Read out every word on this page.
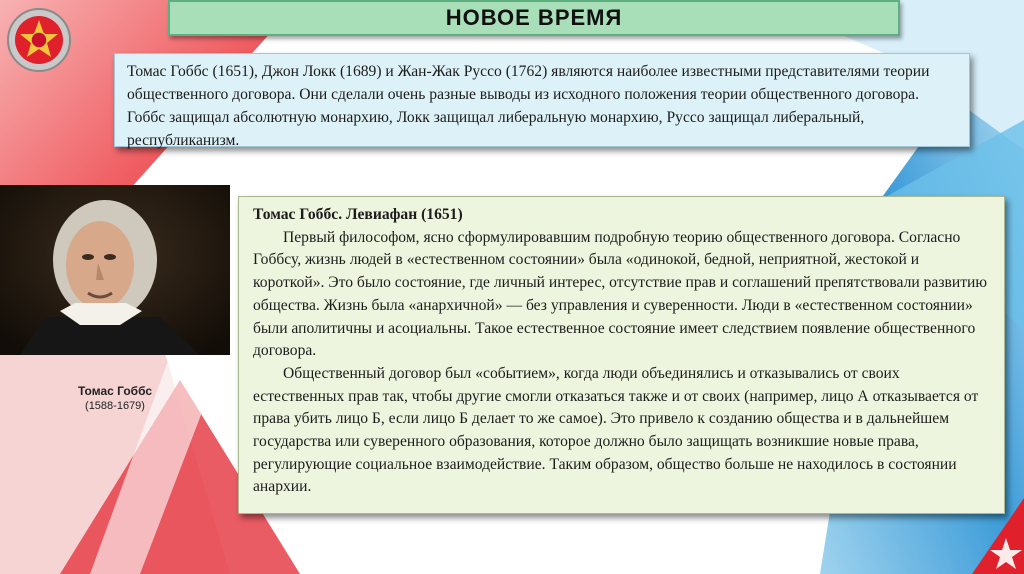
НОВОЕ ВРЕМЯ
Томас Гоббс (1651), Джон Локк (1689) и Жан-Жак Руссо (1762) являются наиболее известными представителями теории общественного договора. Они сделали очень разные выводы из исходного положения теории общественного договора. Гоббс защищал абсолютную монархию, Локк защищал либеральную монархию, Руссо защищал либеральный, республиканизм.
Томас Гоббс
(1588-1679)
Томас Гоббс. Левиафан (1651)
Первый философом, ясно сформулировавшим подробную теорию общественного договора. Согласно Гоббсу, жизнь людей в «естественном состоянии» была «одинокой, бедной, неприятной, жестокой и короткой». Это было состояние, где личный интерес, отсутствие прав и соглашений препятствовали развитию общества. Жизнь была «анархичной» — без управления и суверенности. Люди в «естественном состоянии» были аполитичны и асоциальны. Такое естественное состояние имеет следствием появление общественного договора.
Общественный договор был «событием», когда люди объединялись и отказывались от своих естественных прав так, чтобы другие смогли отказаться также и от своих (например, лицо А отказывается от права убить лицо Б, если лицо Б делает то же самое). Это привело к созданию общества и в дальнейшем государства или суверенного образования, которое должно было защищать возникшие новые права, регулирующие социальное взаимодействие. Таким образом, общество больше не находилось в состоянии анархии.
